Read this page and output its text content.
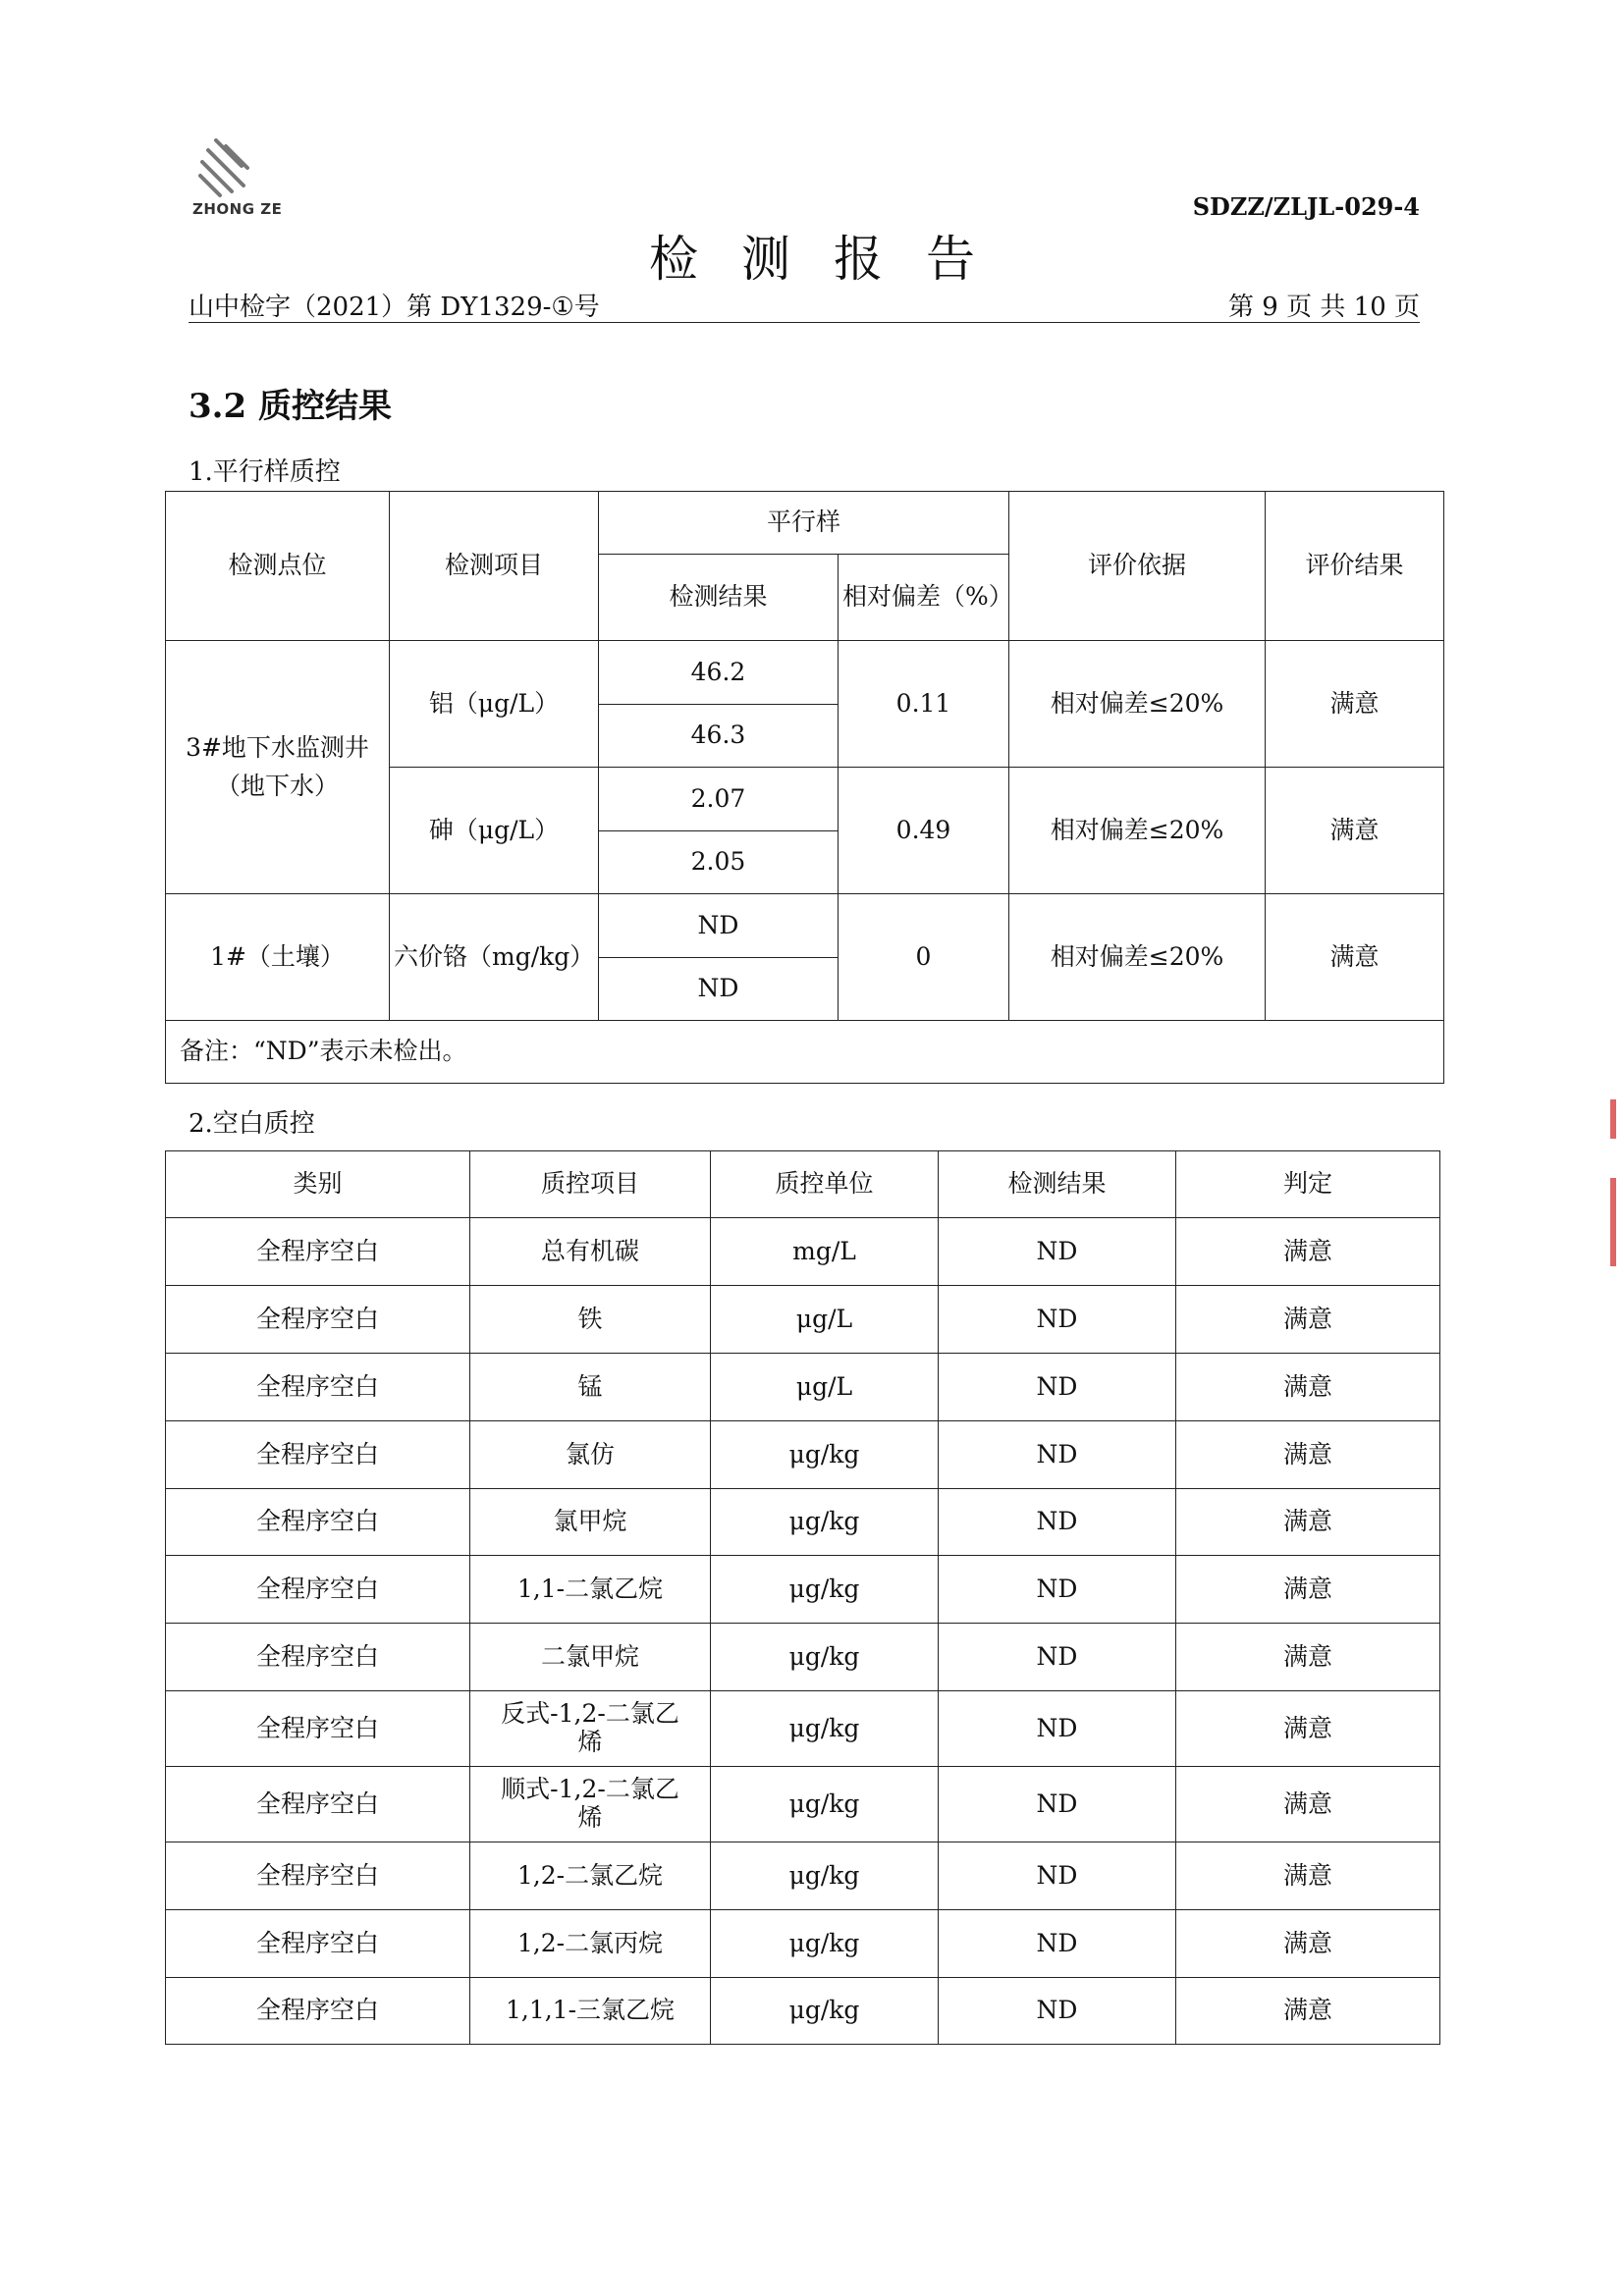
ZHONG ZE	SDZZ/ZLJL-029-4
检测报告
山中检字（2021）第 DY1329-①号	第 9 页 共 10 页
3.2 质控结果
1.平行样质控
检测点位	检测项目	平行样		评价依据	评价结果
		检测结果	相对偏差（%）		
3#地下水监测井（地下水）	铝（μg/L）	46.2	0.11	相对偏差≤20%	满意
		46.3			
	砷（μg/L）	2.07	0.49	相对偏差≤20%	满意
		2.05			
1#（土壤）	六价铬（mg/kg）	ND	0	相对偏差≤20%	满意
		ND			
备注：“ND”表示未检出。					
2.空白质控
类别	质控项目	质控单位	检测结果	判定
全程序空白	总有机碳	mg/L	ND	满意
全程序空白	铁	μg/L	ND	满意
全程序空白	锰	μg/L	ND	满意
全程序空白	氯仿	μg/kg	ND	满意
全程序空白	氯甲烷	μg/kg	ND	满意
全程序空白	1,1-二氯乙烷	μg/kg	ND	满意
全程序空白	二氯甲烷	μg/kg	ND	满意
全程序空白	反式-1,2-二氯乙烯	μg/kg	ND	满意
全程序空白	顺式-1,2-二氯乙烯	μg/kg	ND	满意
全程序空白	1,2-二氯乙烷	μg/kg	ND	满意
全程序空白	1,2-二氯丙烷	μg/kg	ND	满意
全程序空白	1,1,1-三氯乙烷	μg/kg	ND	满意
